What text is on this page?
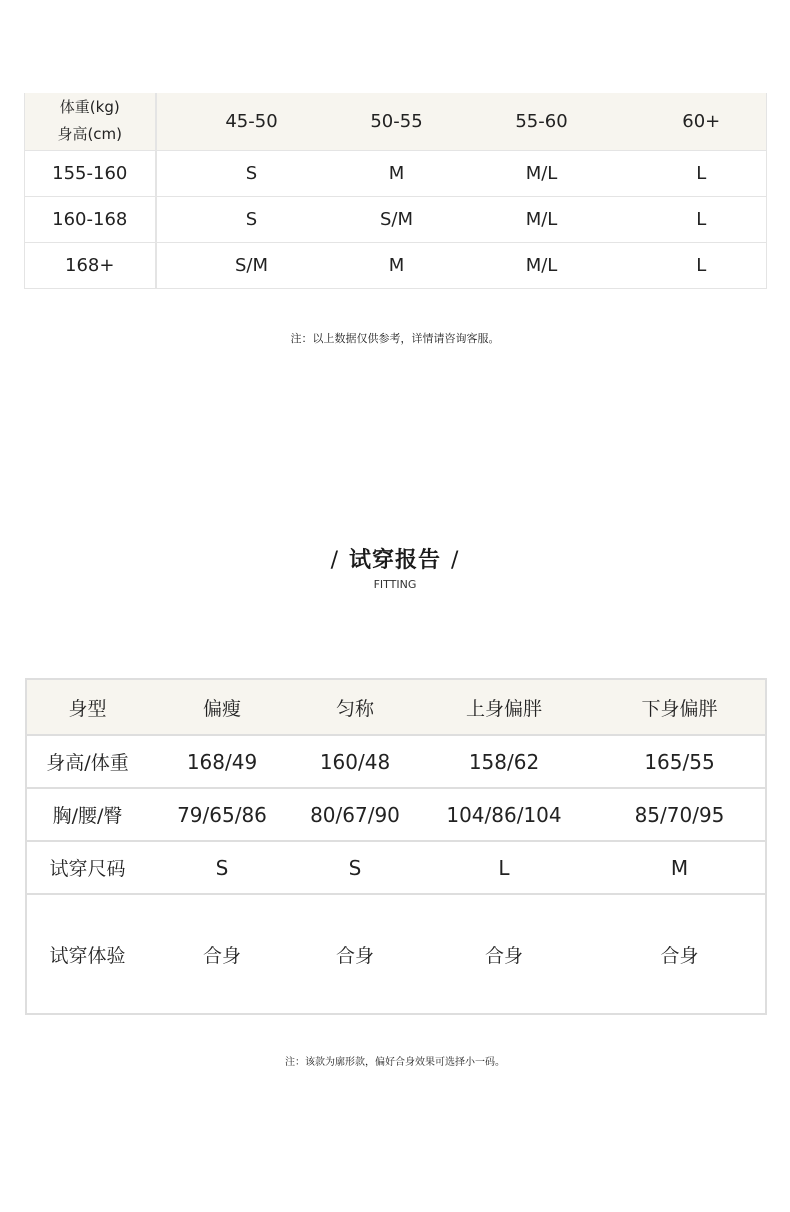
体重(kg)
身高(cm)	45-50	50-55	55-60	60+
155-160	S	M	M/L	L
160-168	S	S/M	M/L	L
168+	S/M	M	M/L	L
注：以上数据仅供参考，详情请咨询客服。
/ 试穿报告 /
FITTING
身型	偏瘦	匀称	上身偏胖	下身偏胖
身高/体重	168/49	160/48	158/62	165/55
胸/腰/臀	79/65/86	80/67/90	104/86/104	85/70/95
试穿尺码	S	S	L	M
试穿体验	合身	合身	合身	合身
注：该款为廓形款，偏好合身效果可选择小一码。
